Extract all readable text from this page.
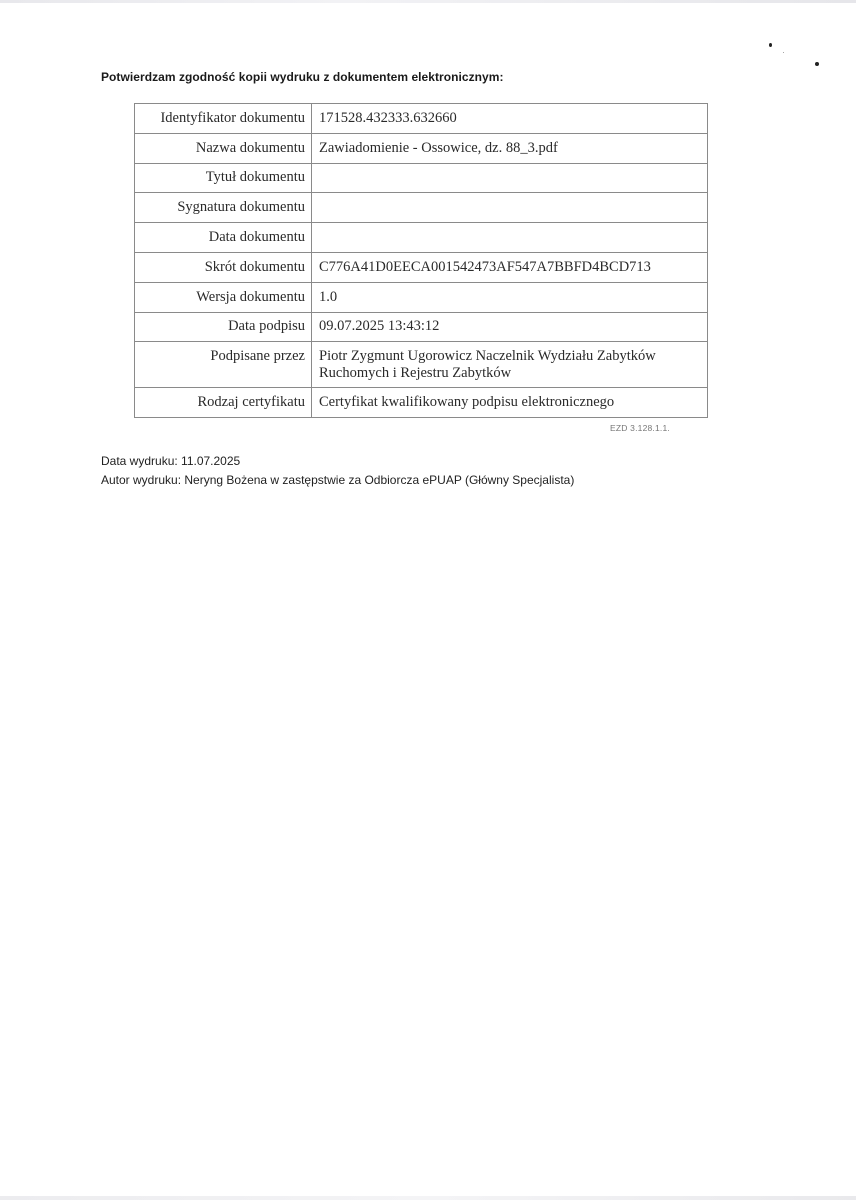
Potwierdzam zgodność kopii wydruku z dokumentem elektronicznym:
Identyfikator dokumentu	171528.432333.632660
Nazwa dokumentu	Zawiadomienie - Ossowice, dz. 88_3.pdf
Tytuł dokumentu	
Sygnatura dokumentu	
Data dokumentu	
Skrót dokumentu	C776A41D0EECA001542473AF547A7BBFD4BCD713
Wersja dokumentu	1.0
Data podpisu	09.07.2025 13:43:12
Podpisane przez	Piotr Zygmunt Ugorowicz Naczelnik Wydziału Zabytków
Ruchomych i Rejestru Zabytków

Rodzaj certyfikatu	Certyfikat kwalifikowany podpisu elektronicznego
EZD 3.128.1.1.
Data wydruku: 11.07.2025
Autor wydruku: Neryng Bożena w zastępstwie za Odbiorcza ePUAP (Główny Specjalista)
